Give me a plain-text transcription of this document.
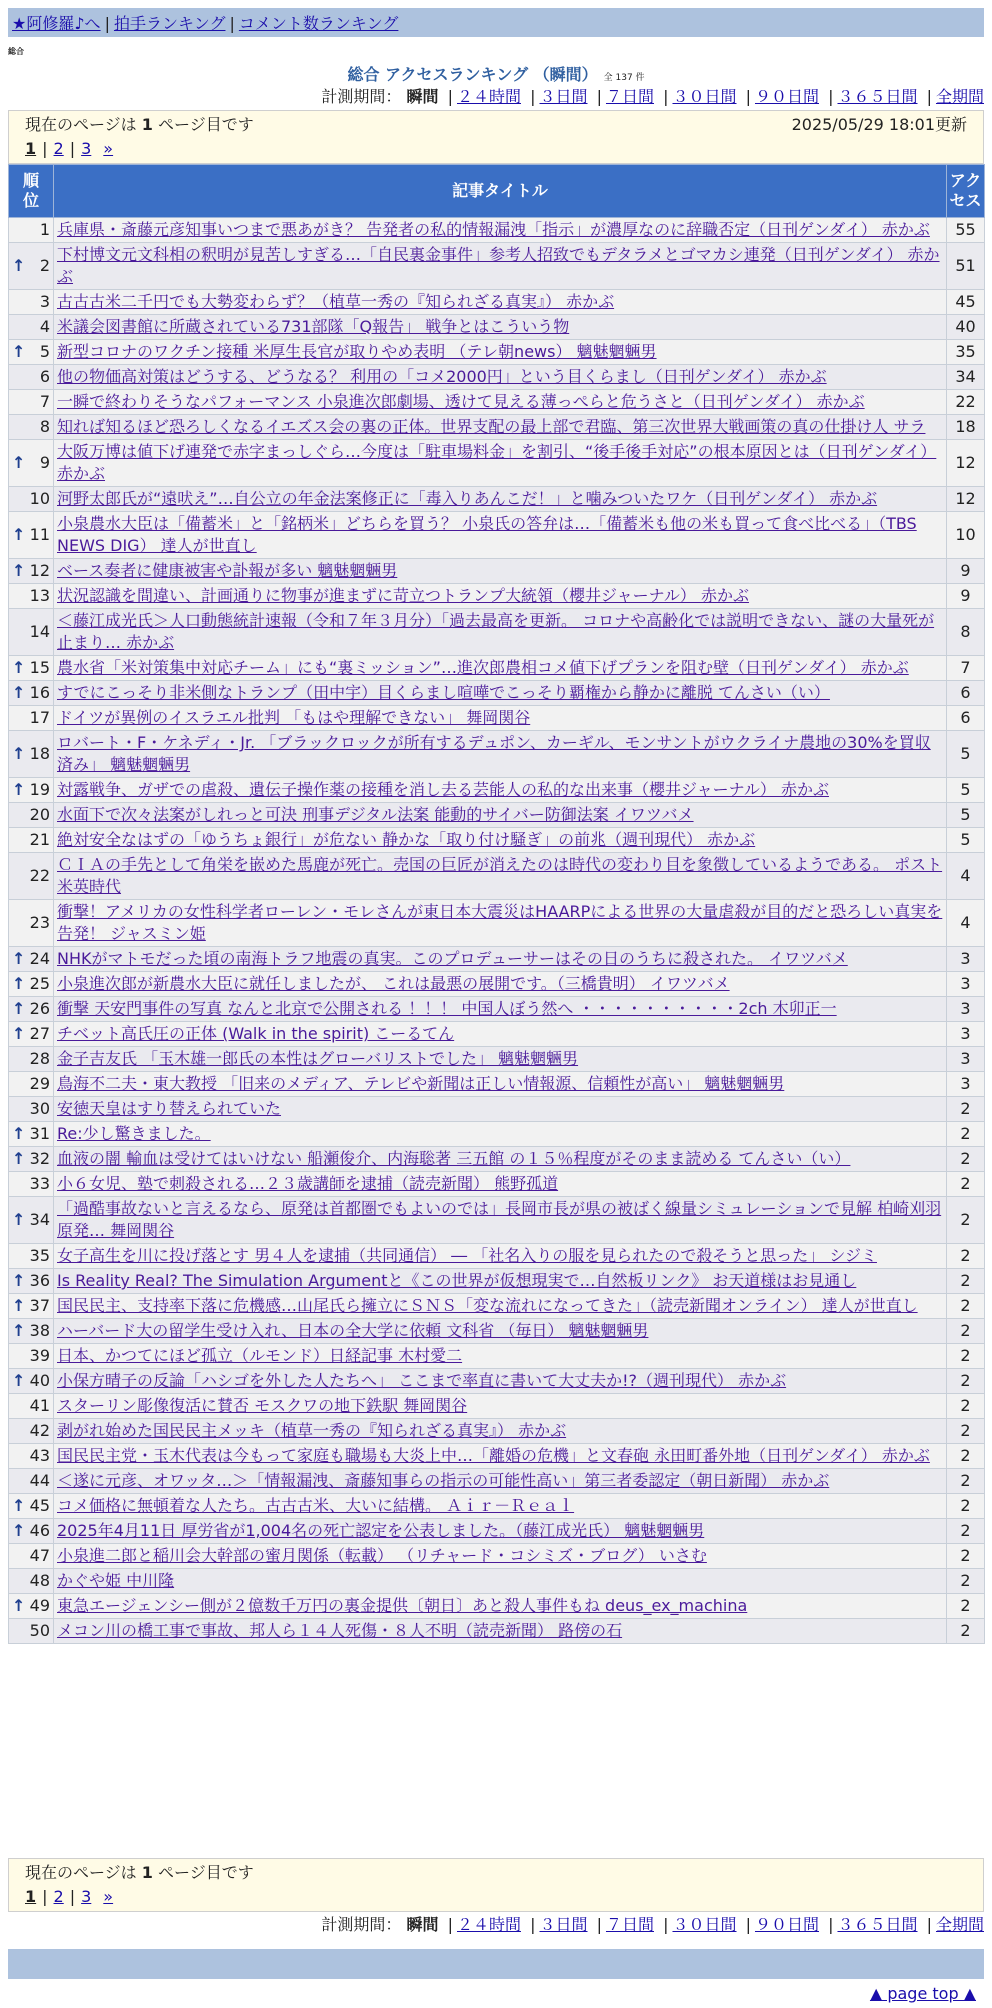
★阿修羅♪へ | 拍手ランキング | コメント数ランキング
総合
総合 アクセスランキング （瞬間） 全 137 件
計測期間： 瞬間 | ２４時間 | ３日間 | ７日間 | ３０日間 | ９０日間 | ３６５日間 | 全期間
現在のページは 1 ページ目です	2025/05/29 18:01更新
1 | 2 | 3 »
順位	記事タイトル	アクセス

1	兵庫県・斎藤元彦知事いつまで悪あがき？ 告発者の私的情報漏洩「指示」が濃厚なのに辞職否定（日刊ゲンダイ） 赤かぶ	55

↑ 2	下村博文元文科相の釈明が見苦しすぎる…「自民裏金事件」参考人招致でもデタラメとゴマカシ連発（日刊ゲンダイ） 赤かぶ	51
3	古古古米二千円でも大勢変わらず？（植草一秀の『知られざる真実』） 赤かぶ	45
4	米議会図書館に所蔵されている731部隊「Q報告」 戦争とはこういう物	40

↑ 5	新型コロナのワクチン接種 米厚生長官が取りやめ表明 （テレ朝news） 魑魅魍魎男	35
6	他の物価高対策はどうする、どうなる？ 利用の「コメ2000円」という目くらまし（日刊ゲンダイ） 赤かぶ	34
7	一瞬で終わりそうなパフォーマンス 小泉進次郎劇場、透けて見える薄っぺらと危うさと（日刊ゲンダイ） 赤かぶ	22
8	知れば知るほど恐ろしくなるイエズス会の裏の正体。世界支配の最上部で君臨、第三次世界大戦画策の真の仕掛け人 サラ	18

↑ 9	大阪万博は値下げ連発で赤字まっしぐら…今度は「駐車場料金」を割引、“後手後手対応”の根本原因とは（日刊ゲンダイ） 赤かぶ	12
10	河野太郎氏が“遠吠え”…自公立の年金法案修正に「毒入りあんこだ！」と噛みついたワケ（日刊ゲンダイ） 赤かぶ	12

↑ 11	小泉農水大臣は「備蓄米」と「銘柄米」どちらを買う？ 小泉氏の答弁は…「備蓄米も他の米も買って食べ比べる」（TBS NEWS DIG） 達人が世直し	10

↑ 12	ベース奏者に健康被害や訃報が多い 魑魅魍魎男	9
13	状況認識を間違い、計画通りに物事が進まずに苛立つトランプ大統領（櫻井ジャーナル） 赤かぶ	9
14	＜藤江成光氏＞人口動態統計速報（令和７年３月分）「過去最高を更新。 コロナや高齢化では説明できない、謎の大量死が止まり… 赤かぶ	8

↑ 15	農水省「米対策集中対応チーム」にも“裏ミッション”…進次郎農相コメ値下げプランを阻む壁（日刊ゲンダイ） 赤かぶ	7

↑ 16	すでにこっそり非米側なトランプ（田中宇）目くらまし喧嘩でこっそり覇権から静かに離脱 てんさい（い）	6
17	ドイツが異例のイスラエル批判 「もはや理解できない」 舞岡関谷	6

↑ 18	ロバート・F・ケネディ・Jr. 「ブラックロックが所有するデュポン、カーギル、モンサントがウクライナ農地の30%を買収済み」 魑魅魍魎男	5

↑ 19	対露戦争、ガザでの虐殺、遺伝子操作薬の接種を消し去る芸能人の私的な出来事（櫻井ジャーナル） 赤かぶ	5
20	水面下で次々法案がしれっと可決 刑事デジタル法案 能動的サイバー防御法案 イワツバメ	5
21	絶対安全なはずの「ゆうちょ銀行」が危ない 静かな「取り付け騒ぎ」の前兆（週刊現代） 赤かぶ	5
22	ＣＩＡの手先として角栄を嵌めた馬鹿が死亡。売国の巨匠が消えたのは時代の変わり目を象徴しているようである。 ポスト米英時代	4
23	衝撃！アメリカの女性科学者ローレン・モレさんが東日本大震災はHAARPによる世界の大量虐殺が目的だと恐ろしい真実を告発！ ジャスミン姫	4

↑ 24	NHKがマトモだった頃の南海トラフ地震の真実。このプロデューサーはその日のうちに殺された。 イワツバメ	3

↑ 25	小泉進次郎が新農水大臣に就任しましたが、 これは最悪の展開です。（三橋貴明） イワツバメ	3

↑ 26	衝撃 天安門事件の写真 なんと北京で公開される ！！！ 中国人ぼう然へ ・・・・・・・・・・2ch 木卯正一	3

↑ 27	チベット高氏圧の正体 (Walk in the spirit) こーるてん	3
28	金子吉友氏 「玉木雄一郎氏の本性はグローバリストでした」 魑魅魍魎男	3
29	鳥海不二夫・東大教授 「旧来のメディア、テレビや新聞は正しい情報源、信頼性が高い」 魑魅魍魎男	3
30	安徳天皇はすり替えられていた	2

↑ 31	Re:少し驚きました。	2

↑ 32	血液の闇 輸血は受けてはいけない 船瀬俊介、内海聡著 三五館 の１５％程度がそのまま読める てんさい（い）	2
33	小６女児、塾で刺殺される…２３歳講師を逮捕（読売新聞） 熊野孤道	2

↑ 34	「過酷事故ないと言えるなら、原発は首都圏でもよいのでは」長岡市長が県の被ばく線量シミュレーションで見解 柏崎刈羽原発… 舞岡関谷	2
35	女子高生を川に投げ落とす 男４人を逮捕（共同通信） ― 「社名入りの服を見られたので殺そうと思った」 シジミ	2

↑ 36	Is Reality Real? The Simulation Argumentと《この世界が仮想現実で…自然板リンク》 お天道様はお見通し	2

↑ 37	国民民主、支持率下落に危機感…山尾氏ら擁立にＳＮＳ「変な流れになってきた」（読売新聞オンライン） 達人が世直し	2

↑ 38	ハーバード大の留学生受け入れ、日本の全大学に依頼 文科省 （毎日） 魑魅魍魎男	2
39	日本、かつてにほど孤立（ルモンド）日経記事 木村愛二	2

↑ 40	小保方晴子の反論「ハシゴを外した人たちへ」 ここまで率直に書いて大丈夫か!?（週刊現代） 赤かぶ	2
41	スターリン彫像復活に賛否 モスクワの地下鉄駅 舞岡関谷	2
42	剥がれ始めた国民民主メッキ（植草一秀の『知られざる真実』） 赤かぶ	2
43	国民民主党・玉木代表は今もって家庭も職場も大炎上中…「離婚の危機」と文春砲 永田町番外地（日刊ゲンダイ） 赤かぶ	2
44	＜遂に元彦、オワッタ…＞「情報漏洩、斎藤知事らの指示の可能性高い」第三者委認定（朝日新聞） 赤かぶ	2

↑ 45	コメ価格に無頓着な人たち。古古古米、大いに結構。 Ａｉｒ－Ｒｅａｌ	2

↑ 46	2025年4月11日 厚労省が1,004名の死亡認定を公表しました。（藤江成光氏） 魑魅魍魎男	2
47	小泉進二郎と稲川会大幹部の蜜月関係（転載） （リチャード・コシミズ・ブログ） いさむ	2
48	かぐや姫 中川隆	2

↑ 49	東急エージェンシー側が２億数千万円の裏金提供〔朝日〕あと殺人事件もね deus_ex_machina	2
50	メコン川の橋工事で事故、邦人ら１４人死傷・８人不明（読売新聞） 路傍の石	2
計測期間： 瞬間 | ２４時間 | ３日間 | ７日間 | ３０日間 | ９０日間 | ３６５日間 | 全期間
現在のページは 1 ページ目です
1 | 2 | 3 »
▲ page top ▲
